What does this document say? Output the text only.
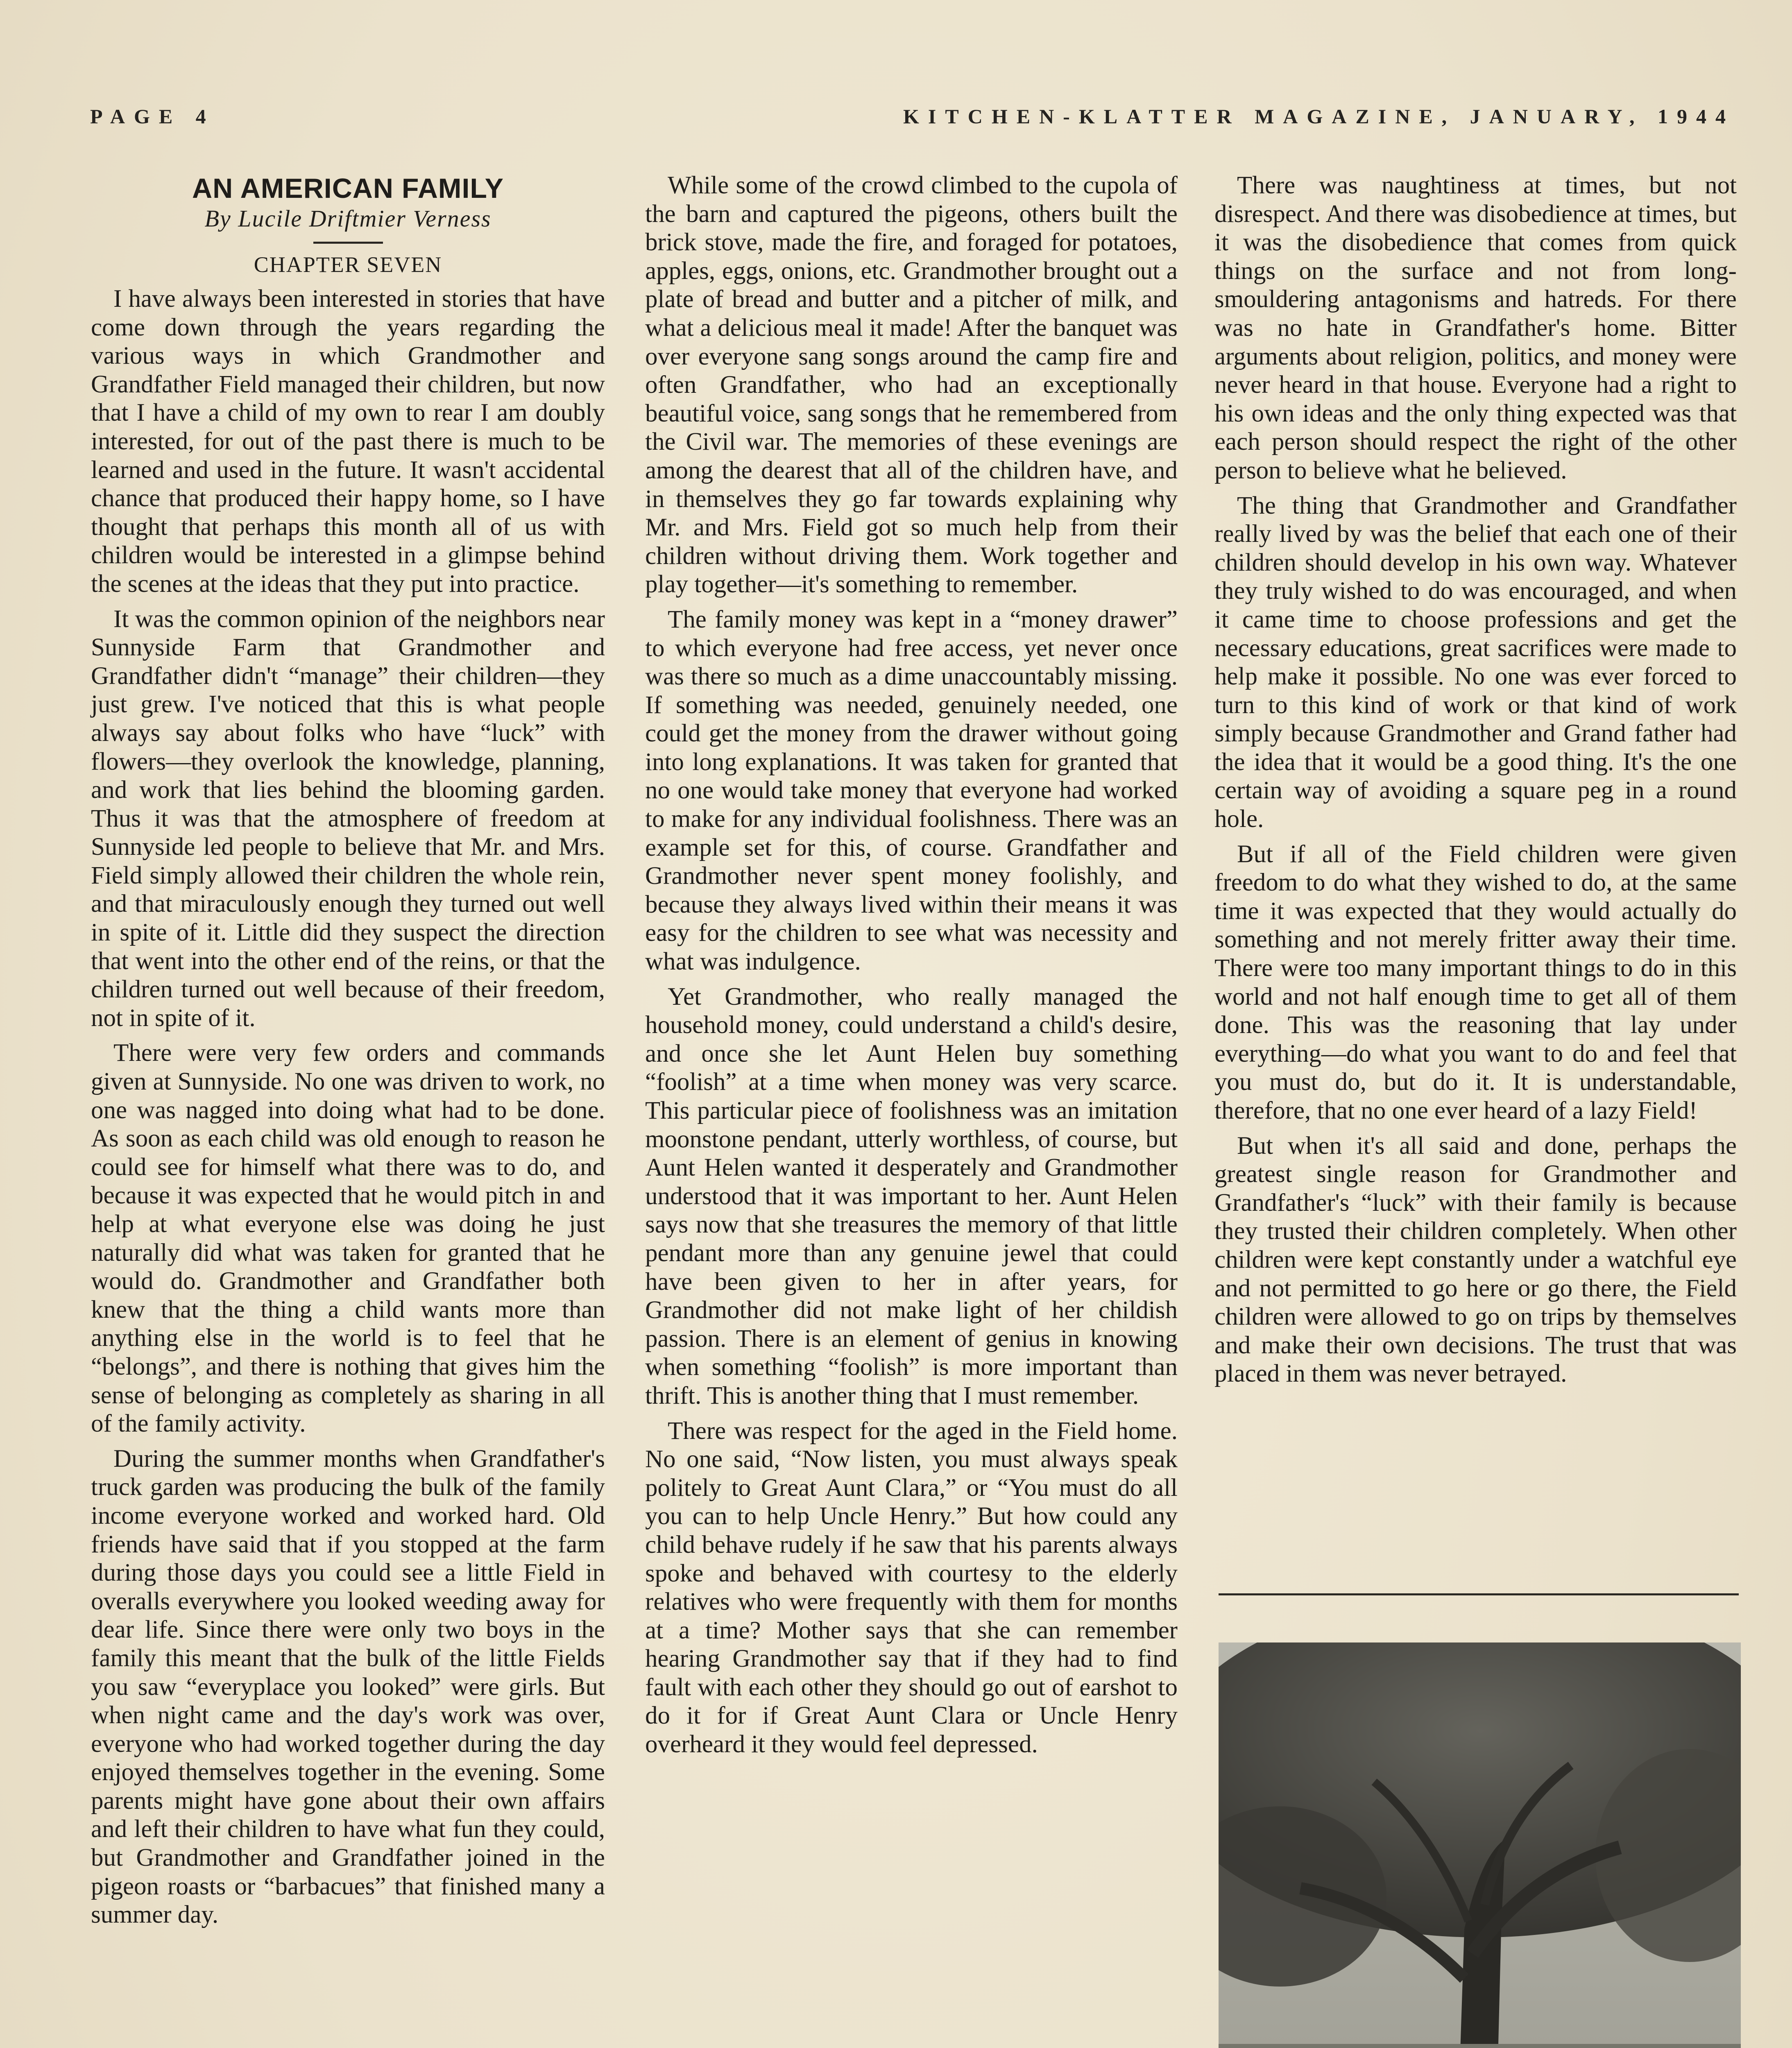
PAGE 4	KITCHEN-KLATTER MAGAZINE, JANUARY, 1944
AN AMERICAN FAMILY

By Lucile Driftmier Verness

CHAPTER SEVEN

I have always been interested in stories that have come down through the years regarding the various ways in which Grandmother and Grandfather Field managed their children, but now that I have a child of my own to rear I am doubly interested, for out of the past there is much to be learned and used in the future. It wasn't accidental chance that produced their happy home, so I have thought that perhaps this month all of us with children would be interested in a glimpse behind the scenes at the ideas that they put into practice.

It was the common opinion of the neighbors near Sunnyside Farm that Grandmother and Grandfather didn't “manage” their children—they just grew. I've noticed that this is what people always say about folks who have “luck” with flowers—they overlook the knowledge, planning, and work that lies behind the blooming garden. Thus it was that the atmosphere of freedom at Sunnyside led people to believe that Mr. and Mrs. Field simply allowed their children the whole rein, and that miraculously enough they turned out well in spite of it. Little did they suspect the direction that went into the other end of the reins, or that the children turned out well because of their freedom, not in spite of it.

There were very few orders and commands given at Sunnyside. No one was driven to work, no one was nagged into doing what had to be done. As soon as each child was old enough to reason he could see for himself what there was to do, and because it was expected that he would pitch in and help at what everyone else was doing he just naturally did what was taken for granted that he would do. Grandmother and Grandfather both knew that the thing a child wants more than anything else in the world is to feel that he “belongs”, and there is nothing that gives him the sense of belonging as completely as sharing in all of the family activity.

During the summer months when Grandfather's truck garden was producing the bulk of the family income everyone worked and worked hard. Old friends have said that if you stopped at the farm during those days you could see a little Field in overalls everywhere you looked weeding away for dear life. Since there were only two boys in the family this meant that the bulk of the little Fields you saw “everyplace you looked” were girls. But when night came and the day's work was over, everyone who had worked together during the day enjoyed themselves together in the evening. Some parents might have gone about their own affairs and left their children to have what fun they could, but Grandmother and Grandfather joined in the pigeon roasts or “barbacues” that finished many a summer day.

While some of the crowd climbed to the cupola of the barn and captured the pigeons, others built the brick stove, made the fire, and foraged for potatoes, apples, eggs, onions, etc. Grandmother brought out a plate of bread and butter and a pitcher of milk, and what a delicious meal it made! After the banquet was over everyone sang songs around the camp fire and often Grandfather, who had an exceptionally beautiful voice, sang songs that he remembered from the Civil war. The memories of these evenings are among the dearest that all of the children have, and in themselves they go far towards explaining why Mr. and Mrs. Field got so much help from their children without driving them. Work together and play together—it's something to remember.

The family money was kept in a “money drawer” to which everyone had free access, yet never once was there so much as a dime unaccountably missing. If something was needed, genuinely needed, one could get the money from the drawer without going into long explanations. It was taken for granted that no one would take money that everyone had worked to make for any individual foolishness. There was an example set for this, of course. Grandfather and Grandmother never spent money foolishly, and because they always lived within their means it was easy for the children to see what was necessity and what was indulgence.

Yet Grandmother, who really managed the household money, could understand a child's desire, and once she let Aunt Helen buy something “foolish” at a time when money was very scarce. This particular piece of foolishness was an imitation moonstone pendant, utterly worthless, of course, but Aunt Helen wanted it desperately and Grandmother understood that it was important to her. Aunt Helen says now that she treasures the memory of that little pendant more than any genuine jewel that could have been given to her in after years, for Grandmother did not make light of her childish passion. There is an element of genius in knowing when something “foolish” is more important than thrift. This is another thing that I must remember.

There was respect for the aged in the Field home. No one said, “Now listen, you must always speak politely to Great Aunt Clara,” or “You must do all you can to help Uncle Henry.” But how could any child behave rudely if he saw that his parents always spoke and behaved with courtesy to the elderly relatives who were frequently with them for months at a time? Mother says that she can remember hearing Grandmother say that if they had to find fault with each other they should go out of earshot to do it for if Great Aunt Clara or Uncle Henry overheard it they would feel depressed.

There was naughtiness at times, but not disrespect. And there was disobedience at times, but it was the disobedience that comes from quick things on the surface and not from long-smouldering antagonisms and hatreds. For there was no hate in Grandfather's home. Bitter arguments about religion, politics, and money were never heard in that house. Everyone had a right to his own ideas and the only thing expected was that each person should respect the right of the other person to believe what he believed.

The thing that Grandmother and Grandfather really lived by was the belief that each one of their children should develop in his own way. Whatever they truly wished to do was encouraged, and when it came time to choose professions and get the necessary educations, great sacrifices were made to help make it possible. No one was ever forced to turn to this kind of work or that kind of work simply because Grandmother and Grand father had the idea that it would be a good thing. It's the one certain way of avoiding a square peg in a round hole.

But if all of the Field children were given freedom to do what they wished to do, at the same time it was expected that they would actually do something and not merely fritter away their time. There were too many important things to do in this world and not half enough time to get all of them done. This was the reasoning that lay under everything—do what you want to do and feel that you must do, but do it. It is understandable, therefore, that no one ever heard of a lazy Field!

But when it's all said and done, perhaps the greatest single reason for Grandmother and Grandfather's “luck” with their family is because they trusted their children completely. When other children were kept constantly under a watchful eye and not permitted to go here or go there, the Field children were allowed to go on trips by themselves and make their own decisions. The trust that was placed in them was never betrayed.
